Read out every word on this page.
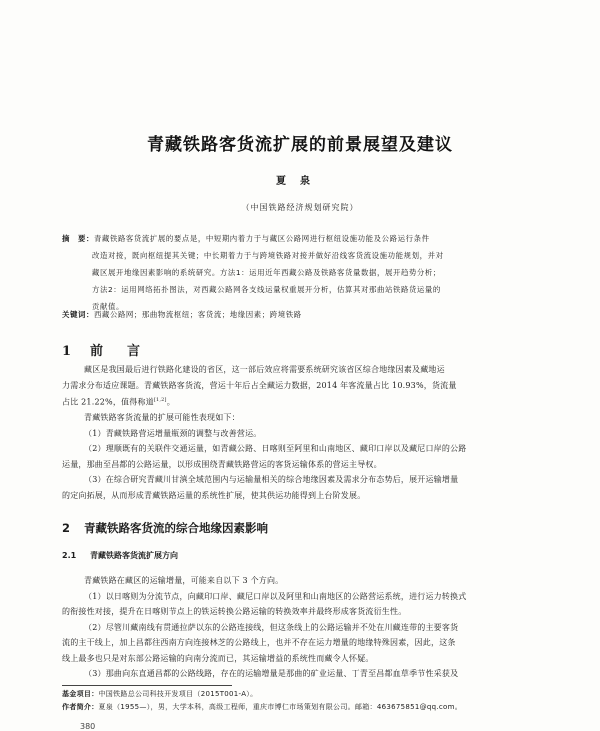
青藏铁路客货流扩展的前景展望及建议
夏泉
（中国铁路经济规划研究院）
摘　要：青藏铁路客货流扩展的要点是，中短期内着力于与藏区公路网进行枢纽设施功能及公路运行条件
改造对接，既向枢纽提其关键；中长期着力于与跨境铁路对接并做好沿线客货流设施功能规划，并对
藏区展开地缘因素影响的系统研究。方法1：运用近年西藏公路及铁路客货量数据，展开趋势分析；
方法2：运用网络拓扑图法，对西藏公路网各支线运量权重展开分析，估算其对那曲站铁路货运量的
贡献值。
关键词：西藏公路网；那曲物流枢纽；客货流；地缘因素；跨境铁路
1 前言
藏区是我国最后进行铁路化建设的省区，这一部后效应将需要系统研究该省区综合地缘因素及藏地运
力需求分布适应课题。青藏铁路客货流，营运十年后占全藏运力数据，2014 年客流量占比 10.93%，货流量
占比 21.22%，值得称道[1,2]。
青藏铁路客货流量的扩展可能性表现如下：
（1）青藏铁路营运增量瓶颈的调整与改善营运。
（2）理顺既有的关联件交通运量，如青藏公路、日喀则至阿里和山南地区、藏印口岸以及藏尼口岸的公路
运量，那曲至昌都的公路运量，以形成围绕青藏铁路营运的客货运输体系的营运主导权。
（3）在综合研究青藏川甘滇全域范围内与运输量相关的综合地缘因素及需求分布态势后，展开运输增量
的定向拓展，从而形成青藏铁路运量的系统性扩展，使其供运功能得到上台阶发展。
2 青藏铁路客货流的综合地缘因素影响
2.1 青藏铁路客货流扩展方向
青藏铁路在藏区的运输增量，可能来自以下 3 个方向。
（1）以日喀则为分流节点，向藏印口岸、藏尼口岸以及阿里和山南地区的公路营运系统，进行运力转换式
的衔接性对接，提升在日喀则节点上的铁运转换公路运输的转换效率并最终形成客货流衍生性。
（2）尽管川藏南线有贯通拉萨以东的公路连接线，但这条线上的公路运输并不处在川藏连带的主要客货
流的主干线上，加上昌都往西南方向连接林芝的公路线上，也并不存在运力增量的地缘特殊因素，因此，这条
线上最多也只是对东部公路运输的向南分流而已，其运输增益的系统性而藏令人怀疑。
（3）那曲向东直通昌都的公路线路，存在的运输增量是那曲的矿业运量、丁青至昌都血草季节性采获及
基金项目：中国铁路总公司科技开发项目（2015T001-A）。
作者简介：夏泉（1955—），男，大学本科，高级工程师，重庆市博仁市场策划有限公司。邮箱：463675851@qq.com。
380
